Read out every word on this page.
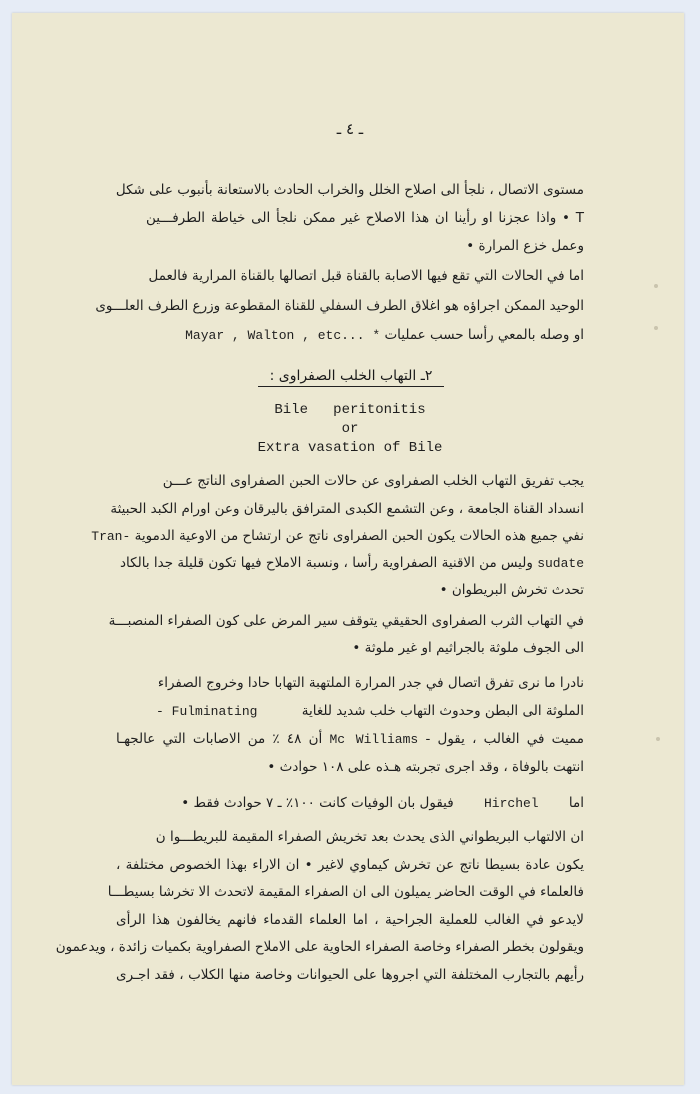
ـ ٤ ـ
مستوى الاتصال ، نلجأ الى اصلاح الخلل والخراب الحادث بالاستعانة بأنبوب على شكل
T • واذا عجزنا او رأينا ان هذا الاصلاح غير ممكن نلجأ الى خياطة الطرفـــين
وعمل خزع المرارة •
اما في الحالات التي تقع فيها الاصابة بالقناة قبل اتصالها بالقناة المرارية فالعمل
الوحيد الممكن اجراؤه هو اغلاق الطرف السفلي للقناة المقطوعة وزرع الطرف العلـــوى
او وصله بالمعي رأسا حسب عمليات Mayar , Walton , etc... *
٢ـ التهاب الخلب الصفراوى :
Bile   peritonitis
or
Extra vasation of Bile
يجب تفريق التهاب الخلب الصفراوى عن حالات الحبن الصفراوى الناتج عـــن
انسداد القناة الجامعة ، وعن التشمع الكبدى المترافق باليرقان وعن اورام الكبد الحبيثة
نفي جميع هذه الحالات يكون الحبن الصفراوى ناتج عن ارتشاح من الاوعية الدموية Tran-
sudate وليس من الاقنية الصفراوية رأسا ، ونسبة الاملاح فيها تكون قليلة جدا بالكاد
تحدث تخرش البريطوان •
في التهاب الثرب الصفراوى الحقيقي يتوقف سير المرض على كون الصفراء المنصبـــة
الى الجوف ملوثة بالجراثيم او غير ملوثة •
نادرا ما نرى تفرق اتصال في جدر المرارة الملتهبة التهابا حادا وخروج الصفراء
الملوثة الى البطن وحدوث التهاب خلب شديد للغاية - Fulminating
مميت في الغالب ، يقول - Mc Williams أن ٤٨ ٪ من الاصابات التي عالجهـا
انتهت بالوفاة ، وقد اجرى تجربته هـذه على ١٠٨ حوادث •
اما Hirchel فيقول بان الوفيات كانت ١٠٠٪ ـ ٧ حوادث فقط •
ان الالتهاب البريطواني الذى يحدث بعد تخريش الصفراء المقيمة للبريطـــوا ن
يكون عادة بسيطا ناتج عن تخرش كيماوي لاغير • ان الاراء بهذا الخصوص مختلفة ،
فالعلماء في الوقت الحاضر يميلون الى ان الصفراء المقيمة لاتحدث الا تخرشا بسيطـــا
لايدعو في الغالب للعملية الجراحية ، اما العلماء القدماء فانهم يخالفون هذا الرأى
ويقولون بخطر الصفراء وخاصة الصفراء الحاوية على الاملاح الصفراوية بكميات زائدة ، ويدعمون
رأيهم بالتجارب المختلفة التي اجروها على الحيوانات وخاصة منها الكلاب ، فقد اجـرى
